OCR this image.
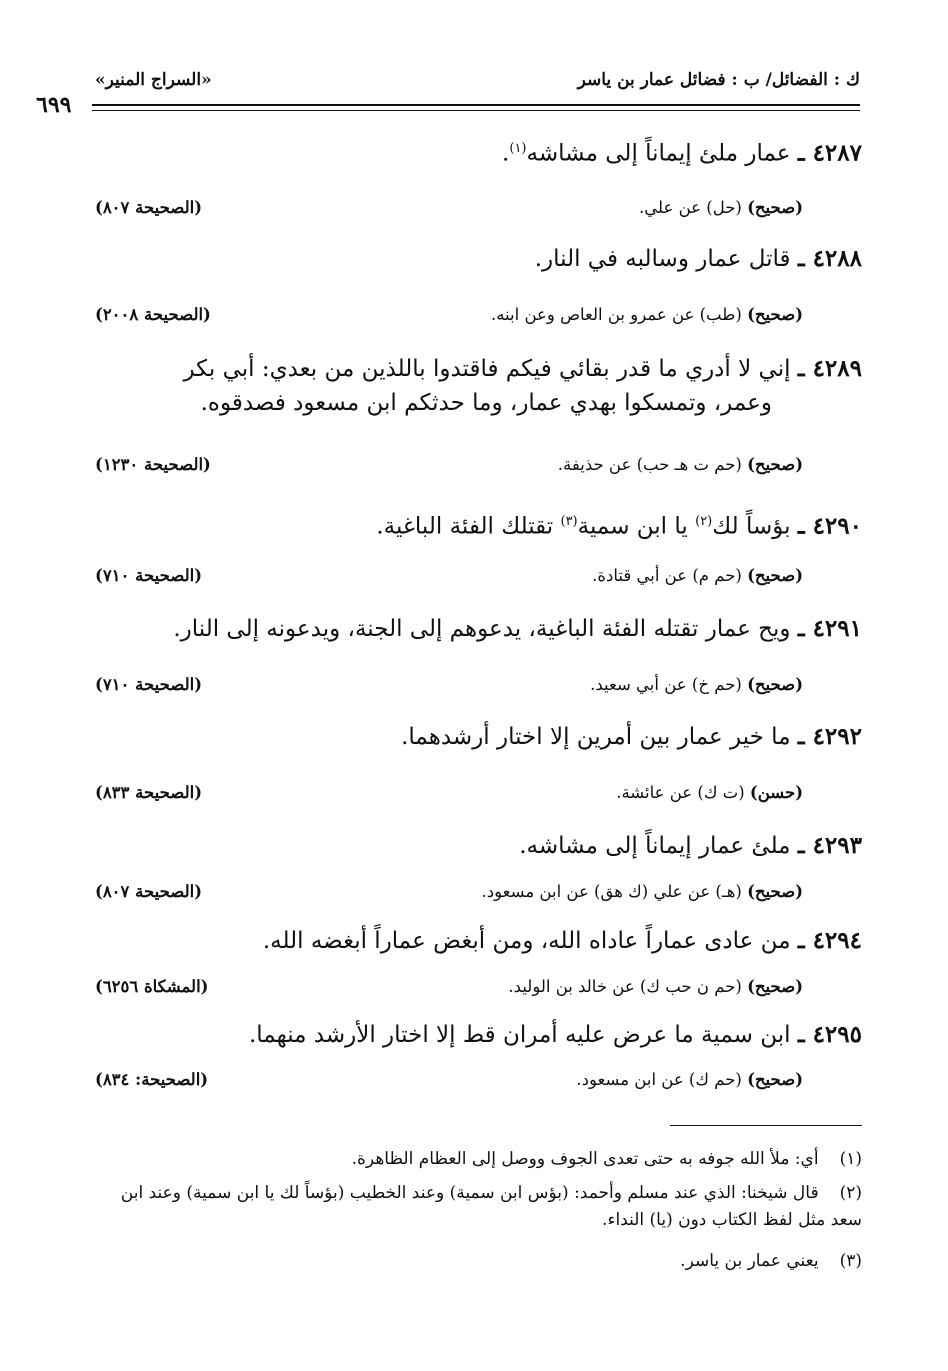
ك : الفضائل/ ب : فضائل عمار بن ياسر
«السراج المنير»
٦٩٩
٤٢٨٧ ـ عمار ملئ إيماناً إلى مشاشه$^{(١)}$.
(صحيح) (حل) عن علي.
(الصحيحة ٨٠٧)
٤٢٨٨ ـ قاتل عمار وسالبه في النار.
(صحيح) (طب) عن عمرو بن العاص وعن ابنه.
(الصحيحة ٢٠٠٨)
٤٢٨٩ ـ إني لا أدري ما قدر بقائي فيكم فاقتدوا باللذين من بعدي: أبي بكر
وعمر، وتمسكوا بهدي عمار، وما حدثكم ابن مسعود فصدقوه.
(صحيح) (حم ت هـ حب) عن حذيفة.
(الصحيحة ١٢٣٠)
٤٢٩٠ ـ بؤساً لك$^{(٢)}$ يا ابن سمية$^{(٣)}$ تقتلك الفئة الباغية.
(صحيح) (حم م) عن أبي قتادة.
(الصحيحة ٧١٠)
٤٢٩١ ـ ويح عمار تقتله الفئة الباغية، يدعوهم إلى الجنة، ويدعونه إلى النار.
(صحيح) (حم خ) عن أبي سعيد.
(الصحيحة ٧١٠)
٤٢٩٢ ـ ما خير عمار بين أمرين إلا اختار أرشدهما.
(حسن) (ت ك) عن عائشة.
(الصحيحة ٨٣٣)
٤٢٩٣ ـ ملئ عمار إيماناً إلى مشاشه.
(صحيح) (هـ) عن علي (ك هق) عن ابن مسعود.
(الصحيحة ٨٠٧)
٤٢٩٤ ـ من عادى عماراً عاداه الله، ومن أبغض عماراً أبغضه الله.
(صحيح) (حم ن حب ك) عن خالد بن الوليد.
(المشكاة ٦٢٥٦)
٤٢٩٥ ـ ابن سمية ما عرض عليه أمران قط إلا اختار الأرشد منهما.
(صحيح) (حم ك) عن ابن مسعود.
(الصحيحة: ٨٣٤)
(١) أي: ملأ الله جوفه به حتى تعدى الجوف ووصل إلى العظام الظاهرة.
(٢) قال شيخنا: الذي عند مسلم وأحمد: (بؤس ابن سمية) وعند الخطيب (بؤساً لك يا ابن سمية) وعند ابن سعد مثل لفظ الكتاب دون (يا) النداء.
(٣) يعني عمار بن ياسر.
